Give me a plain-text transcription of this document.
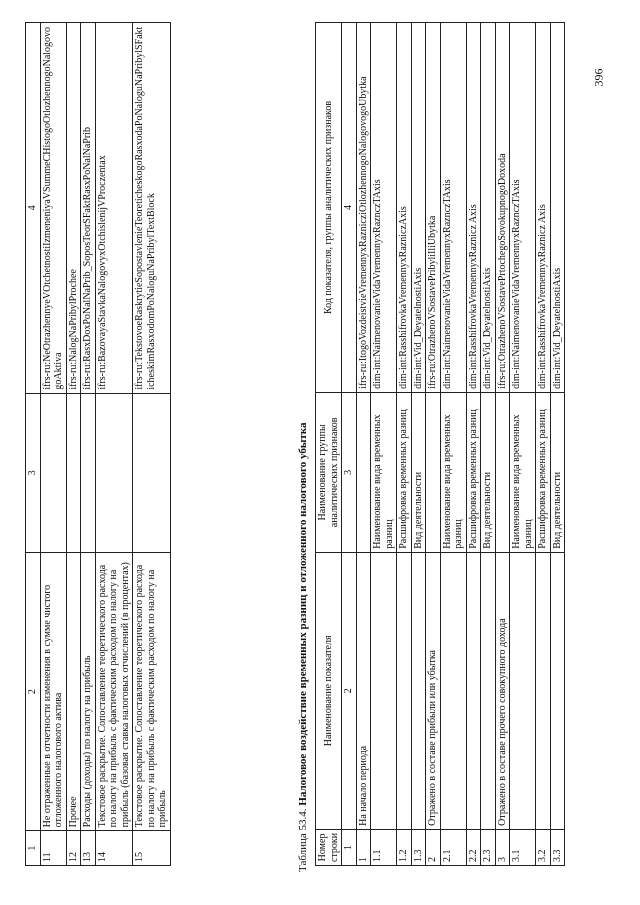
396
1	2	3	4
11	Не отраженные в отчетности изменения в сумме чистого отложенного налогового актива		ifrs-ru:NeOtrazhennyeVOtchetnostiIzmeneniyaVSummeCHistogoOtlozhennogoNalogovogoAktiva
12	Прочее		ifrs-ru:NalogNaPribylProchee
13	Расходы (доходы) по налогу на прибыль		ifrs-ru:RasxDoxPoNalNaPrib_SoposTeorSFaktRasxPoNalNaPrib
14	Текстовое раскрытие. Сопоставление теоретического расхода по налогу на прибыль с фактическим расходом по налогу на прибыль (базовая ставка налоговых отчислений (в процентах)		ifrs-ru:BazovayaStavkaNalogovyxOtchislenijVProczentax
15	Текстовое раскрытие. Сопоставление теоретического расхода по налогу на прибыль с фактическим расходом по налогу на прибыль		ifrs-ru:TekstovoeRaskrytieSopostavlenieTeoreticheskogoRasxodaPoNaloguNaPribylSFakticheskimRasxodomPoNaloguNaPribylTextBlock
Таблица 53.4. Налоговое воздействие временных разниц и отложенного налогового убытка
Номер строки	Наименование показателя	Наименование группы аналитических признаков	Код показателя, группы аналитических признаков
1	2	3	4
1	На начало периода		ifrs-ru:ItogoVozdeistvieVremennyxRaznicziOtlozhennogoNalogovogoUbytka
1.1		Наименование вида временных разниц	dim-int:NaimenovanieVidaVremennyxRaznczTAxis
1.2		Расшифровка временных разниц	dim-int:RasshifrovkaVremennyxRazniczAxis
1.3		Вид деятельности	dim-int:Vid_DeyatelnostiAxis
2	Отражено в составе прибыли или убытка		ifrs-ru:OtrazhenoVSostavePribyliIliUbytka
2.1		Наименование вида временных разниц	dim-int:NaimenovanieVidaVremennyxRaznczTAxis
2.2		Расшифровка временных разниц	dim-int:RasshifrovkaVremennyxRaznicz Axis
2.3		Вид деятельности	dim-int:Vid_DeyatelnostiAxis
3	Отражено в составе прочего совокупного дохода		ifrs-ru:OtrazhenoVSostavePrtochegoSovokupnogoDoxoda
3.1		Наименование вида временных разниц	dim-int:NaimenovanieVidaVremennyxRaznczTAxis
3.2		Расшифровка временных разниц	dim-int:RasshifrovkaVremennyxRaznicz Axis
3.3		Вид деятельности	dim-int:Vid_DeyatelnostiAxis
